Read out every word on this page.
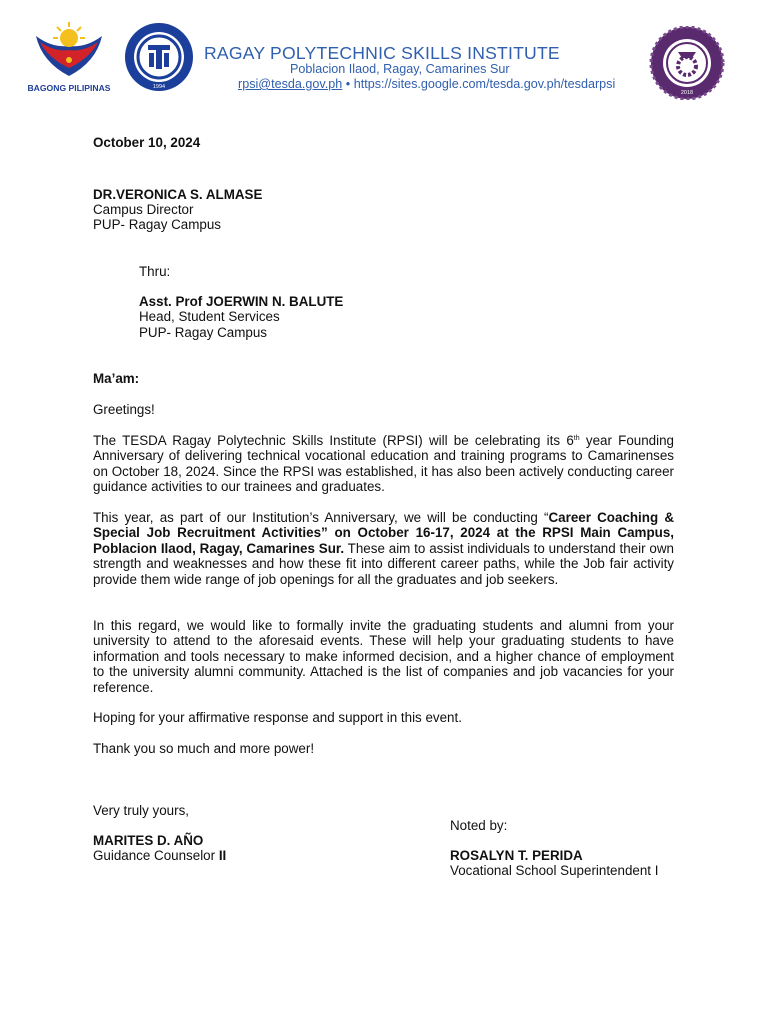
BAGONG PILIPINAS	1994
2018
RAGAY POLYTECHNIC SKILLS INSTITUTE
Poblacion Ilaod, Ragay, Camarines Sur
rpsi@tesda.gov.ph • https://sites.google.com/tesda.gov.ph/tesdarpsi
October 10, 2024
DR.VERONICA S. ALMASE
Campus Director
PUP- Ragay Campus
Thru:
Asst. Prof JOERWIN N. BALUTE
Head, Student Services
PUP- Ragay Campus
Ma’am:
Greetings!
The TESDA Ragay Polytechnic Skills Institute (RPSI) will be celebrating its 6th year Founding Anniversary of delivering technical vocational education and training programs to Camarinenses on October 18, 2024. Since the RPSI was established, it has also been actively conducting career guidance activities to our trainees and graduates.
This year, as part of our Institution’s Anniversary, we will be conducting “Career Coaching & Special Job Recruitment Activities” on October 16-17, 2024 at the RPSI Main Campus, Poblacion Ilaod, Ragay, Camarines Sur. These aim to assist individuals to understand their own strength and weaknesses and how these fit into different career paths, while the Job fair activity provide them wide range of job openings for all the graduates and job seekers.
In this regard, we would like to formally invite the graduating students and alumni from your university to attend to the aforesaid events. These will help your graduating students to have information and tools necessary to make informed decision, and a higher chance of employment to the university alumni community. Attached is the list of companies and job vacancies for your reference.
Hoping for your affirmative response and support in this event.
Thank you so much and more power!
Very truly yours,
MARITES D. AÑO
Guidance Counselor II
Noted by:
ROSALYN T. PERIDA
Vocational School Superintendent I
